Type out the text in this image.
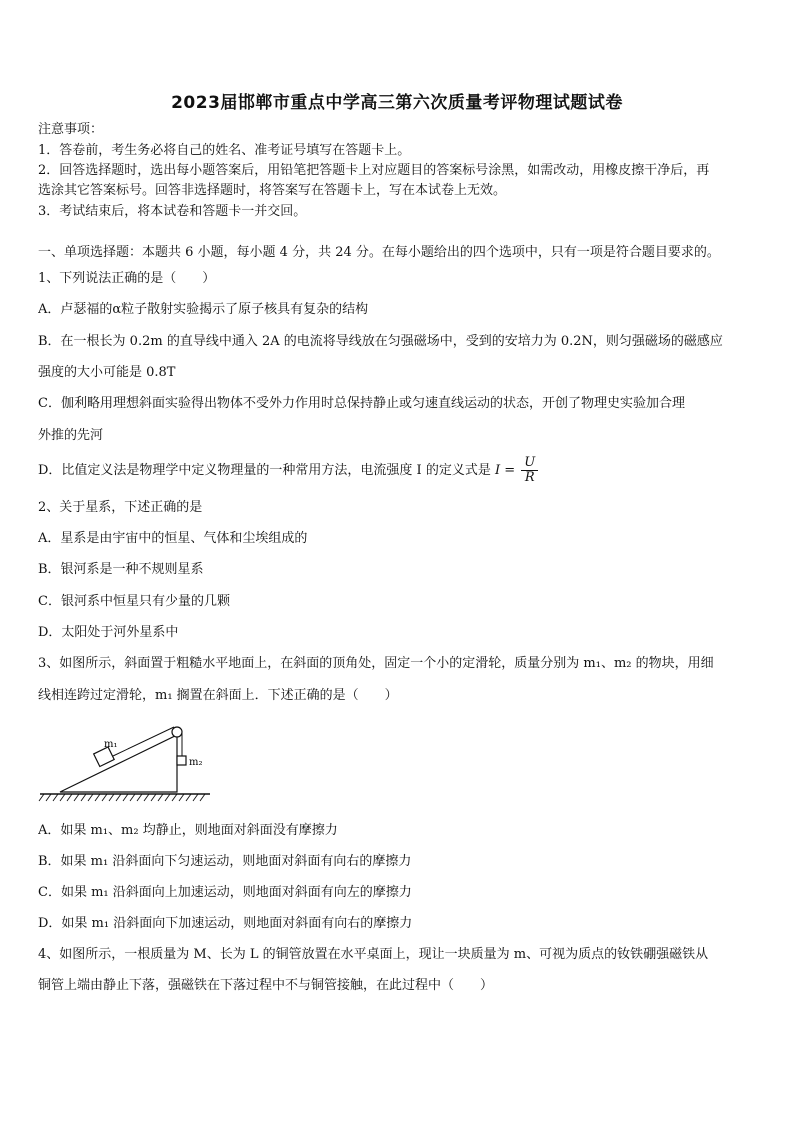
2023届邯郸市重点中学高三第六次质量考评物理试题试卷
注意事项：
1．答卷前，考生务必将自己的姓名、准考证号填写在答题卡上。
2．回答选择题时，选出每小题答案后，用铅笔把答题卡上对应题目的答案标号涂黑，如需改动，用橡皮擦干净后，再
选涂其它答案标号。回答非选择题时，将答案写在答题卡上，写在本试卷上无效。
3．考试结束后，将本试卷和答题卡一并交回。
一、单项选择题：本题共 6 小题，每小题 4 分，共 24 分。在每小题给出的四个选项中，只有一项是符合题目要求的。
1、下列说法正确的是（　　）
A．卢瑟福的α粒子散射实验揭示了原子核具有复杂的结构
B．在一根长为 0.2m 的直导线中通入 2A 的电流将导线放在匀强磁场中，受到的安培力为 0.2N，则匀强磁场的磁感应
强度的大小可能是 0.8T
C．伽利略用理想斜面实验得出物体不受外力作用时总保持静止或匀速直线运动的状态，开创了物理史实验加合理
外推的先河
D．比值定义法是物理学中定义物理量的一种常用方法，电流强度 I 的定义式是 $I = \frac{U}{R}$
2、关于星系，下述正确的是
A．星系是由宇宙中的恒星、气体和尘埃组成的
B．银河系是一种不规则星系
C．银河系中恒星只有少量的几颗
D．太阳处于河外星系中
3、如图所示，斜面置于粗糙水平地面上，在斜面的顶角处，固定一个小的定滑轮，质量分别为 m₁、m₂ 的物块，用细
线相连跨过定滑轮，m₁ 搁置在斜面上．下述正确的是（　　）
m₁
m₂
A．如果 m₁、m₂ 均静止，则地面对斜面没有摩擦力
B．如果 m₁ 沿斜面向下匀速运动，则地面对斜面有向右的摩擦力
C．如果 m₁ 沿斜面向上加速运动，则地面对斜面有向左的摩擦力
D．如果 m₁ 沿斜面向下加速运动，则地面对斜面有向右的摩擦力
4、如图所示，一根质量为 M、长为 L 的铜管放置在水平桌面上，现让一块质量为 m、可视为质点的钕铁硼强磁铁从
铜管上端由静止下落，强磁铁在下落过程中不与铜管接触，在此过程中（　　）
